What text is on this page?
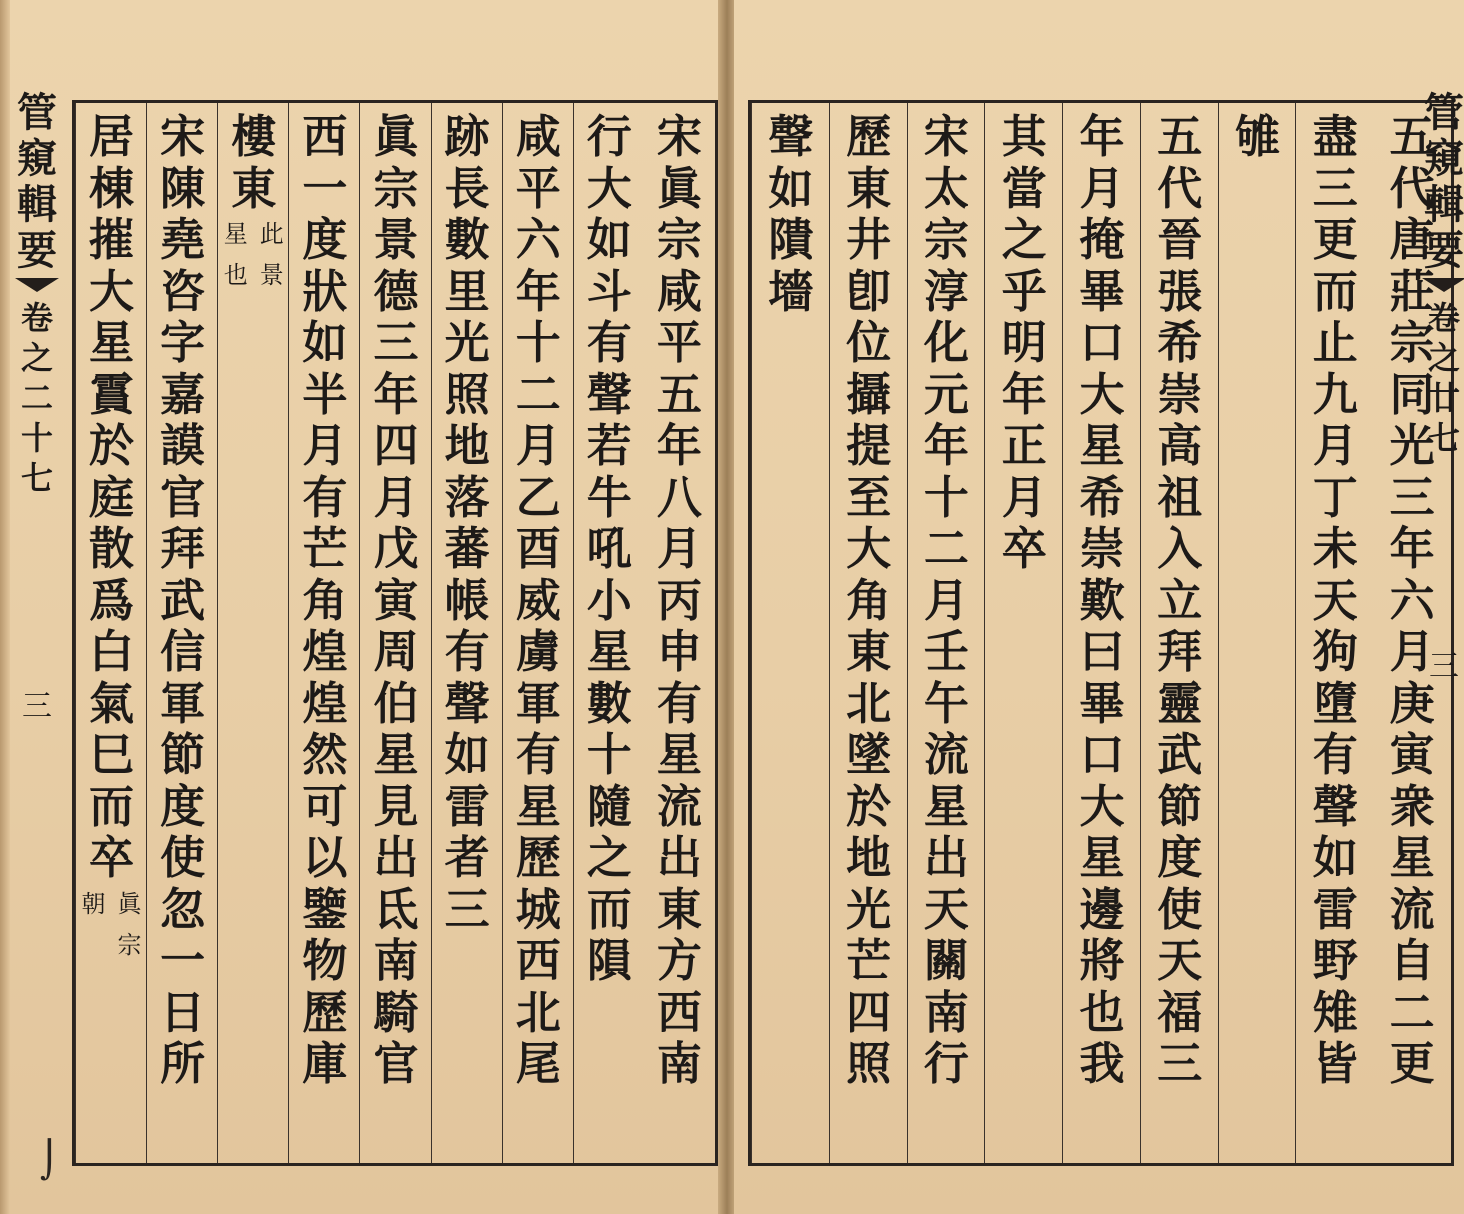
管
窺
輯
要
卷
之
二
十
七
三
宋
眞
宗
咸
平
五
年
八
月
丙
申
有
星
流
出
東
方
西
南
行
大
如
斗
有
聲
若
牛
吼
小
星
數
十
隨
之
而
隕
咸
平
六
年
十
二
月
乙
酉
威
虜
軍
有
星
歷
城
西
北
尾
跡
長
數
里
光
照
地
落
蕃
帳
有
聲
如
雷
者
三
眞
宗
景
德
三
年
四
月
戊
寅
周
伯
星
見
出
氐
南
騎
官
西
一
度
狀
如
半
月
有
芒
角
煌
煌
然
可
以
鑒
物
歷
庫
樓
東
星
也
此
景
宋
陳
堯
咨
字
嘉
謨
官
拜
武
信
軍
節
度
使
忽
一
日
所
居
棟
摧
大
星
霣
於
庭
散
爲
白
氣
巳
而
卒
朝 眞
宗
⌡
五
代
唐
莊
宗
同
光
三
年
六
月
庚
寅
衆
星
流
自
二
更
盡
三
更
而
止
九
月
丁
未
天
狗
墮
有
聲
如
雷
野
雉
皆
雊
五
代
晉
張
希
崇
高
祖
入
立
拜
靈
武
節
度
使
天
福
三
年
月
掩
畢
口
大
星
希
崇
歎
曰
畢
口
大
星
邊
將
也
我
其
當
之
乎
明
年
正
月
卒
宋
太
宗
淳
化
元
年
十
二
月
壬
午
流
星
出
天
關
南
行
歷
東
井
卽
位
攝
提
至
大
角
東
北
墜
於
地
光
芒
四
照
聲
如
隤
墻
管
窺
輯
要
卷
之
廿
七
三
